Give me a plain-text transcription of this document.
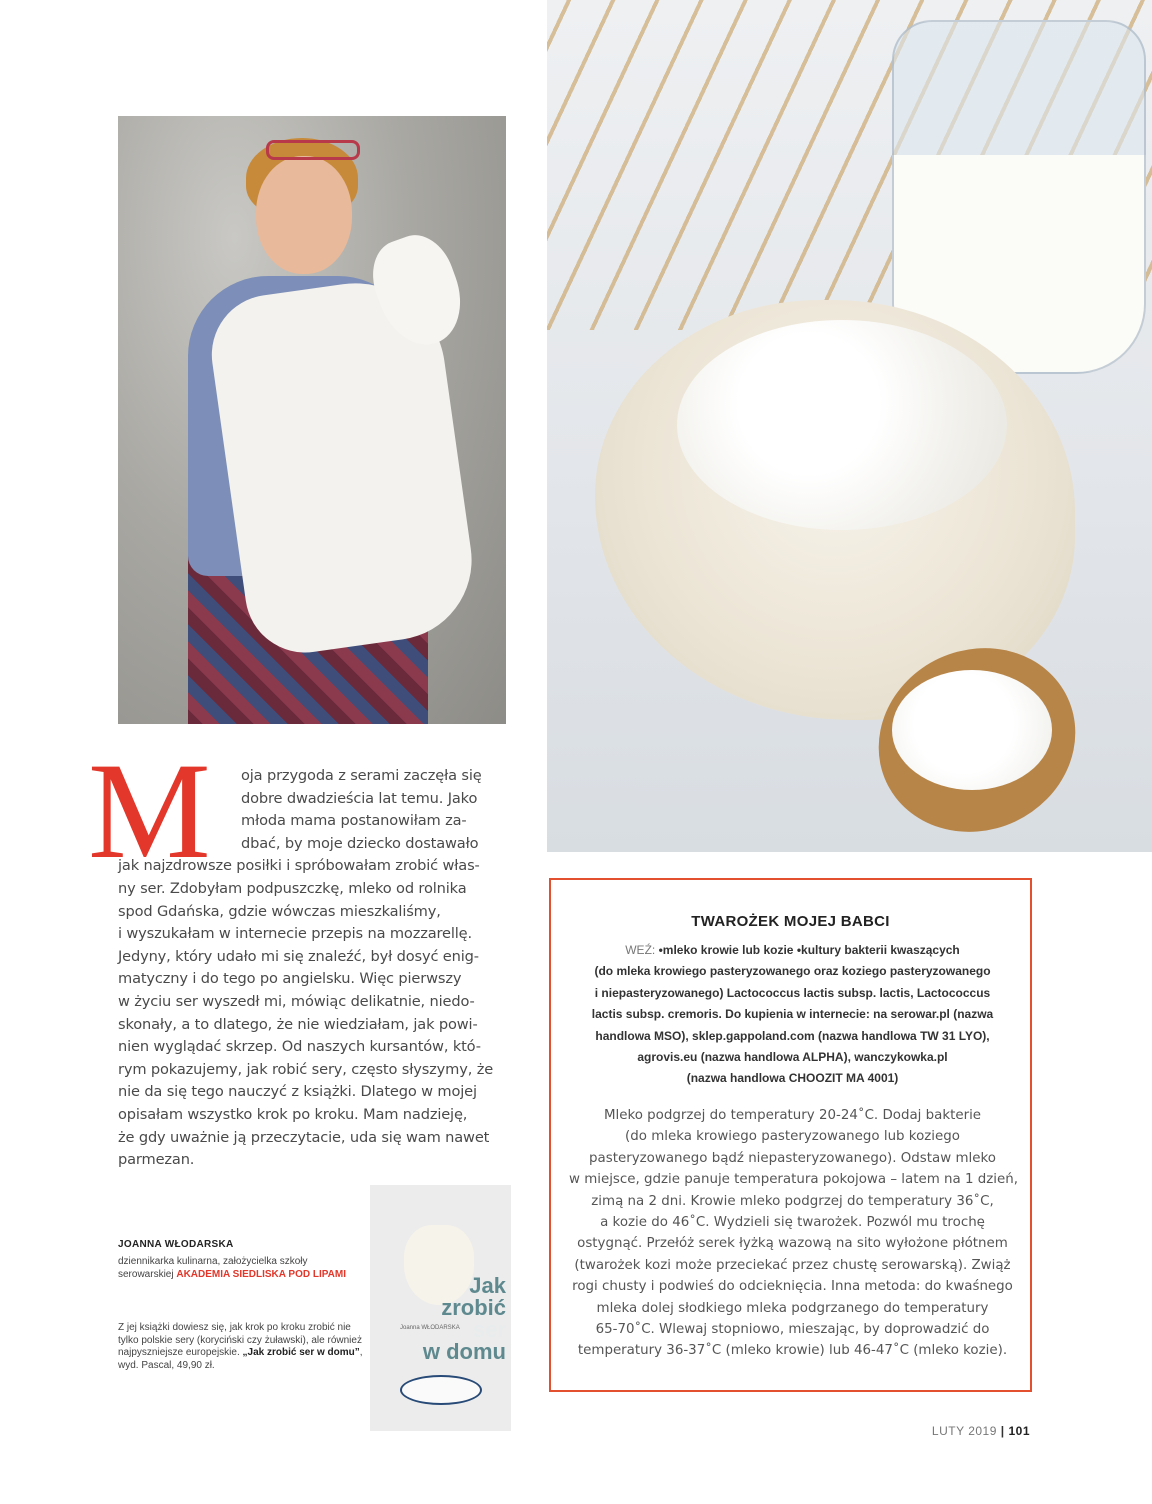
M	oja przygoda z serami zaczęła się
dobre dwadzieścia lat temu. Jako
młoda mama postanowiłam za-
dbać, by moje dziecko dostawało
jak najzdrowsze posiłki i spróbowałam zrobić włas-
ny ser. Zdobyłam podpuszczkę, mleko od rolnika
spod Gdańska, gdzie wówczas mieszkaliśmy,
i wyszukałam w internecie przepis na mozzarellę.
Jedyny, który udało mi się znaleźć, był dosyć enig-
matyczny i do tego po angielsku. Więc pierwszy
w życiu ser wyszedł mi, mówiąc delikatnie, niedo-
skonały, a to dlatego, że nie wiedziałam, jak powi-
nien wyglądać skrzep. Od naszych kursantów, któ-
rym pokazujemy, jak robić sery, często słyszymy, że
nie da się tego nauczyć z książki. Dlatego w mojej
opisałam wszystko krok po kroku. Mam nadzieję,
że gdy uważnie ją przeczytacie, uda się wam nawet
parmezan.
JOANNA WŁODARSKA
dziennikarka kulinarna, założycielka szkoły serowarskiej AKADEMIA SIEDLISKA POD LIPAMI
Z jej książki dowiesz się, jak krok po kroku zrobić nie tylko polskie sery (koryciński czy żuławski), ale również najpyszniejsze europejskie. „Jak zrobić ser w domu”, wyd. Pascal, 49,90 zł.
Jak
zrobić
ser
w domu
Joanna WŁODARSKA
TWAROŻEK MOJEJ BABCI
WEŹ: •mleko krowie lub kozie •kultury bakterii kwaszących
(do mleka krowiego pasteryzowanego oraz koziego pasteryzowanego
i niepasteryzowanego) Lactococcus lactis subsp. lactis, Lactococcus
lactis subsp. cremoris. Do kupienia w internecie: na serowar.pl (nazwa
handlowa MSO), sklep.gappoland.com (nazwa handlowa TW 31 LYO),
agrovis.eu (nazwa handlowa ALPHA), wanczykowka.pl
(nazwa handlowa CHOOZIT MA 4001)
Mleko podgrzej do temperatury 20-24˚C. Dodaj bakterie
(do mleka krowiego pasteryzowanego lub koziego
pasteryzowanego bądź niepasteryzowanego). Odstaw mleko
w miejsce, gdzie panuje temperatura pokojowa – latem na 1 dzień,
zimą na 2 dni. Krowie mleko podgrzej do temperatury 36˚C,
a kozie do 46˚C. Wydzieli się twarożek. Pozwól mu trochę
ostygnąć. Przełóż serek łyżką wazową na sito wyłożone płótnem
(twarożek kozi może przeciekać przez chustę serowarską). Zwiąż
rogi chusty i podwieś do odcieknięcia. Inna metoda: do kwaśnego
mleka dolej słodkiego mleka podgrzanego do temperatury
65-70˚C. Wlewaj stopniowo, mieszając, by doprowadzić do
temperatury 36-37˚C (mleko krowie) lub 46-47˚C (mleko kozie).
LUTY 2019 | 101
